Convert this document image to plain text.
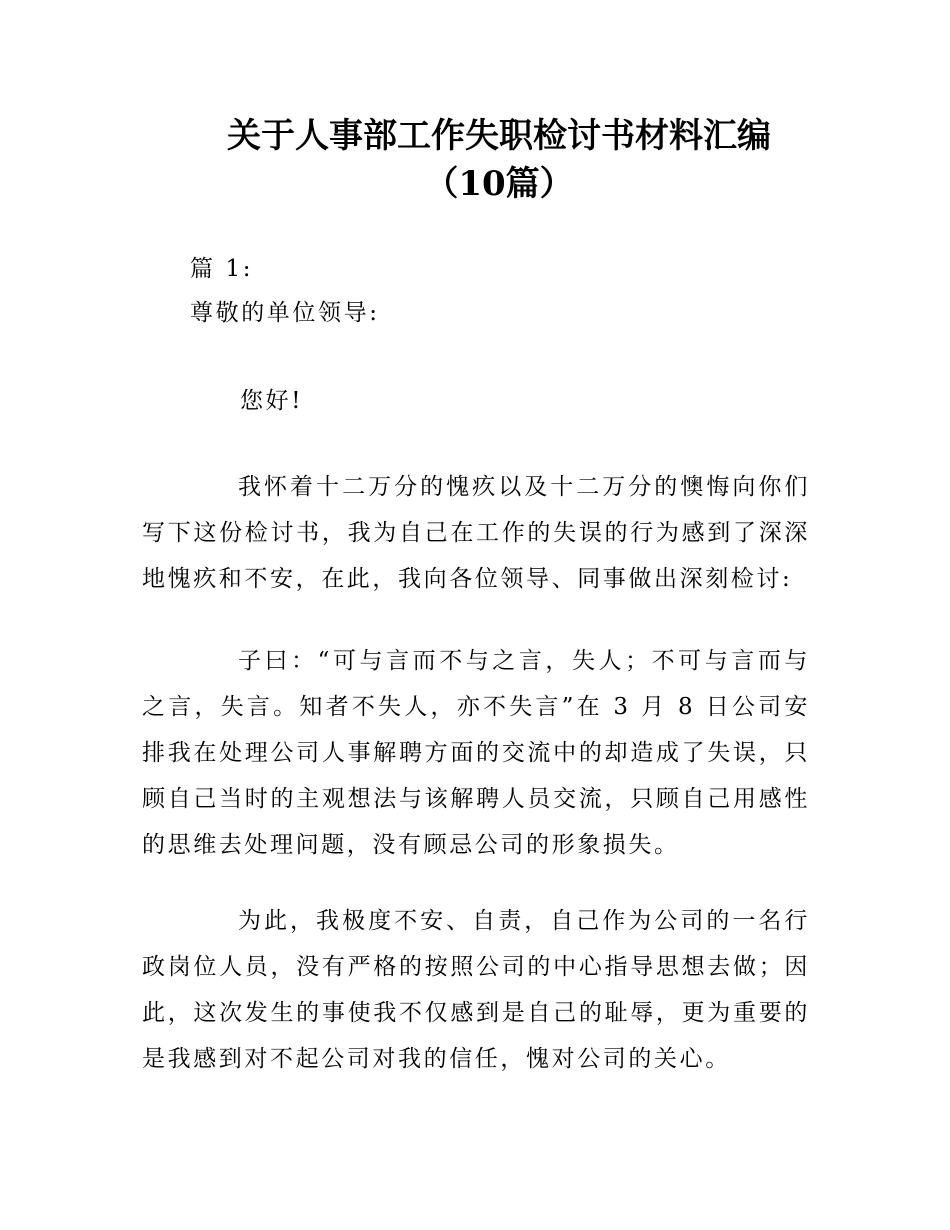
关于人事部工作失职检讨书材料汇编
（10篇）
篇 1:
尊敬的单位领导:
您好!
我怀着十二万分的愧疚以及十二万分的懊悔向你们写下这份检讨书，我为自己在工作的失误的行为感到了深深地愧疚和不安，在此，我向各位领导、同事做出深刻检讨:
子曰：“可与言而不与之言，失人；不可与言而与之言，失言。知者不失人，亦不失言”在 3 月 8 日公司安排我在处理公司人事解聘方面的交流中的却造成了失误，只顾自己当时的主观想法与该解聘人员交流，只顾自己用感性的思维去处理问题，没有顾忌公司的形象损失。
为此，我极度不安、自责，自己作为公司的一名行政岗位人员，没有严格的按照公司的中心指导思想去做；因此，这次发生的事使我不仅感到是自己的耻辱，更为重要的是我感到对不起公司对我的信任，愧对公司的关心。
